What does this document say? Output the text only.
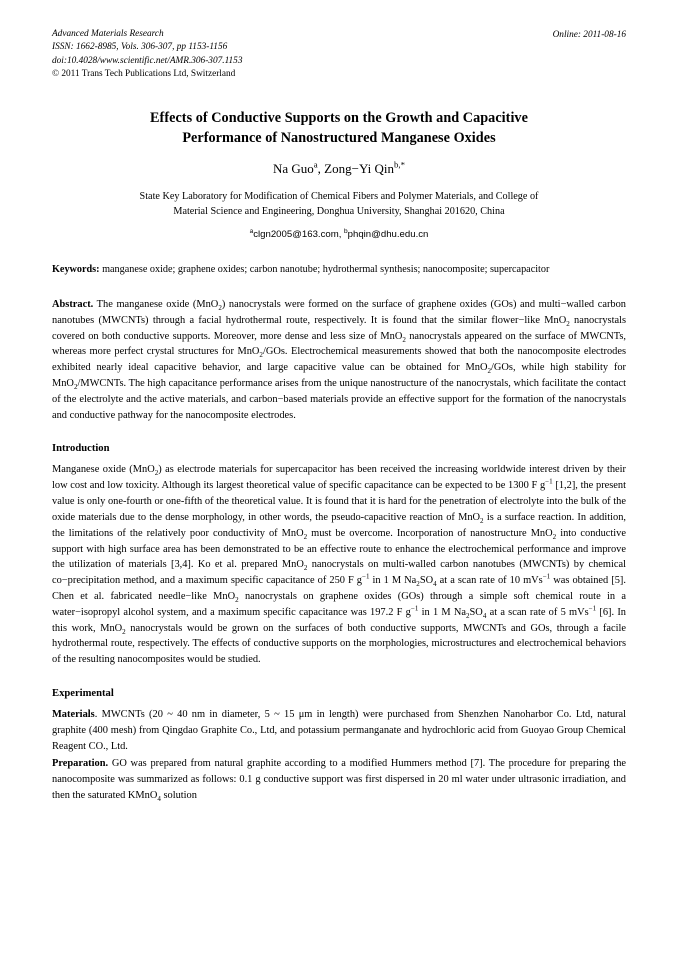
Advanced Materials Research
ISSN: 1662-8985, Vols. 306-307, pp 1153-1156
doi:10.4028/www.scientific.net/AMR.306-307.1153
© 2011 Trans Tech Publications Ltd, Switzerland
Online: 2011-08-16
Effects of Conductive Supports on the Growth and Capacitive
Performance of Nanostructured Manganese Oxides
Na Guo$^a$, Zong−Yi Qin$^{b,*}$
State Key Laboratory for Modification of Chemical Fibers and Polymer Materials, and College of
Material Science and Engineering, Donghua University, Shanghai 201620, China
$^a$clgn2005@163.com, $^b$phqin@dhu.edu.cn
Keywords: manganese oxide; graphene oxides; carbon nanotube; hydrothermal synthesis; nanocomposite; supercapacitor
Abstract. The manganese oxide (MnO$_2$) nanocrystals were formed on the surface of graphene oxides (GOs) and multi−walled carbon nanotubes (MWCNTs) through a facial hydrothermal route, respectively. It is found that the similar flower−like MnO$_2$ nanocrystals covered on both conductive supports. Moreover, more dense and less size of MnO$_2$ nanocrystals appeared on the surface of MWCNTs, whereas more perfect crystal structures for MnO$_2$/GOs. Electrochemical measurements showed that both the nanocomposite electrodes exhibited nearly ideal capacitive behavior, and large capacitive value can be obtained for MnO$_2$/GOs, while high stability for MnO$_2$/MWCNTs. The high capacitance performance arises from the unique nanostructure of the nanocrystals, which facilitate the contact of the electrolyte and the active materials, and carbon−based materials provide an effective support for the formation of the nanocrystals and conductive pathway for the nanocomposite electrodes.
Introduction
Manganese oxide (MnO$_2$) as electrode materials for supercapacitor has been received the increasing worldwide interest driven by their low cost and low toxicity. Although its largest theoretical value of specific capacitance can be expected to be 1300 F $g^{-1}$ [1,2], the present value is only one-fourth or one-fifth of the theoretical value. It is found that it is hard for the penetration of electrolyte into the bulk of the oxide materials due to the dense morphology, in other words, the pseudo-capacitive reaction of MnO$_2$ is a surface reaction. In addition, the limitations of the relatively poor conductivity of MnO$_2$ must be overcome. Incorporation of nanostructure MnO$_2$ into conductive support with high surface area has been demonstrated to be an effective route to enhance the electrochemical performance and improve the utilization of materials [3,4]. Ko et al. prepared MnO$_2$ nanocrystals on multi-walled carbon nanotubes (MWCNTs) by chemical co−precipitation method, and a maximum specific capacitance of 250 F $g^{-1}$ in 1 M $Na_2SO_4$ at a scan rate of 10 mVs$^{-1}$ was obtained [5]. Chen et al. fabricated needle−like MnO$_2$ nanocrystals on graphene oxides (GOs) through a simple soft chemical route in a water−isopropyl alcohol system, and a maximum specific capacitance was 197.2 F $g^{-1}$ in 1 M $Na_2SO_4$ at a scan rate of 5 mVs$^{-1}$ [6]. In this work, MnO$_2$ nanocrystals would be grown on the surfaces of both conductive supports, MWCNTs and GOs, through a facile hydrothermal route, respectively. The effects of conductive supports on the morphologies, microstructures and electrochemical behaviors of the resulting nanocomposites would be studied.
Experimental
Materials. MWCNTs (20 ~ 40 nm in diameter, 5 ~ 15 μm in length) were purchased from Shenzhen Nanoharbor Co. Ltd, natural graphite (400 mesh) from Qingdao Graphite Co., Ltd, and potassium permanganate and hydrochloric acid from Guoyao Group Chemical Reagent CO., Ltd.
Preparation. GO was prepared from natural graphite according to a modified Hummers method [7]. The procedure for preparing the nanocomposite was summarized as follows: 0.1 g conductive support was first dispersed in 20 ml water under ultrasonic irradiation, and then the saturated KMnO$_4$ solution
